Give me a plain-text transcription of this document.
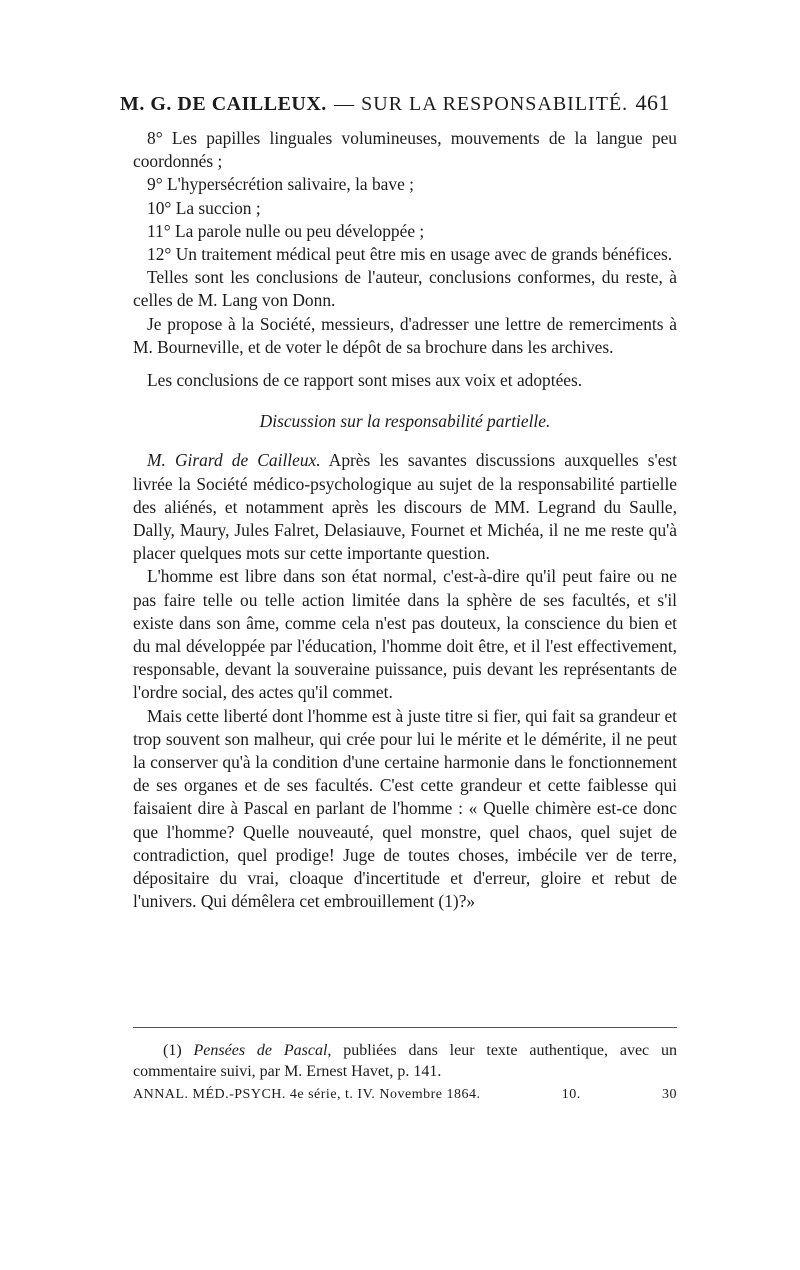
M. G. DE CAILLEUX. — SUR LA RESPONSABILITÉ. 461

8° Les papilles linguales volumineuses, mouvements de la langue peu coordonnés ;

9° L'hypersécrétion salivaire, la bave ;

10° La succion ;

11° La parole nulle ou peu développée ;

12° Un traitement médical peut être mis en usage avec de grands bénéfices.

Telles sont les conclusions de l'auteur, conclusions conformes, du reste, à celles de M. Lang von Donn.

Je propose à la Société, messieurs, d'adresser une lettre de remerciments à M. Bourneville, et de voter le dépôt de sa brochure dans les archives.

Les conclusions de ce rapport sont mises aux voix et adoptées.

Discussion sur la responsabilité partielle.

M. Girard de Cailleux. Après les savantes discussions auxquelles s'est livrée la Société médico-psychologique au sujet de la responsabilité partielle des aliénés, et notamment après les discours de MM. Legrand du Saulle, Dally, Maury, Jules Falret, Delasiauve, Fournet et Michéa, il ne me reste qu'à placer quelques mots sur cette importante question.

L'homme est libre dans son état normal, c'est-à-dire qu'il peut faire ou ne pas faire telle ou telle action limitée dans la sphère de ses facultés, et s'il existe dans son âme, comme cela n'est pas douteux, la conscience du bien et du mal développée par l'éducation, l'homme doit être, et il l'est effectivement, responsable, devant la souveraine puissance, puis devant les représentants de l'ordre social, des actes qu'il commet.

Mais cette liberté dont l'homme est à juste titre si fier, qui fait sa grandeur et trop souvent son malheur, qui crée pour lui le mérite et le démérite, il ne peut la conserver qu'à la condition d'une certaine harmonie dans le fonctionnement de ses organes et de ses facultés. C'est cette grandeur et cette faiblesse qui faisaient dire à Pascal en parlant de l'homme : « Quelle chimère est-ce donc que l'homme? Quelle nouveauté, quel monstre, quel chaos, quel sujet de contradiction, quel prodige! Juge de toutes choses, imbécile ver de terre, dépositaire du vrai, cloaque d'incertitude et d'erreur, gloire et rebut de l'univers. Qui démêlera cet embrouillement (1)?»

(1) Pensées de Pascal, publiées dans leur texte authentique, avec un commentaire suivi, par M. Ernest Havet, p. 141.

ANNAL. MÉD.-PSYCH. 4e série, t. IV. Novembre 1864.	10.	30
